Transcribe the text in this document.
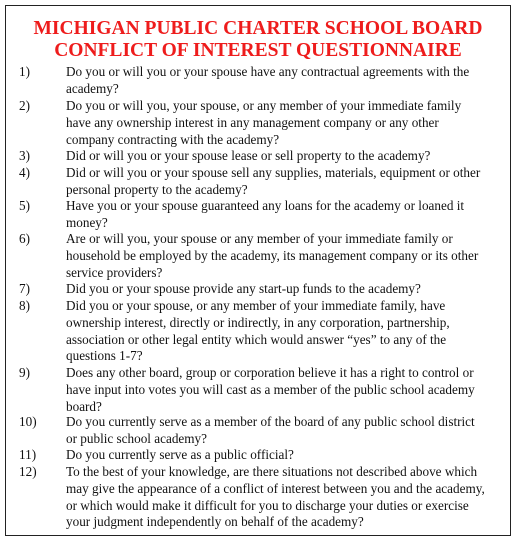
MICHIGAN PUBLIC CHARTER SCHOOL BOARD
CONFLICT OF INTEREST QUESTIONNAIRE
1)	Do you or will you or your spouse have any contractual agreements with the
academy?
2)	Do you or will you, your spouse, or any member of your immediate family
have any ownership interest in any management company or any other
company contracting with the academy?
3)	Did or will you or your spouse lease or sell property to the academy?
4)	Did or will you or your spouse sell any supplies, materials, equipment or other
personal property to the academy?
5)	Have you or your spouse guaranteed any loans for the academy or loaned it
money?
6)	Are or will you, your spouse or any member of your immediate family or
household be employed by the academy, its management company or its other
service providers?
7)	Did you or your spouse provide any start-up funds to the academy?
8)	Did you or your spouse, or any member of your immediate family, have
ownership interest, directly or indirectly, in any corporation, partnership,
association or other legal entity which would answer “yes” to any of the
questions 1-7?
9)	Does any other board, group or corporation believe it has a right to control or
have input into votes you will cast as a member of the public school academy
board?
10) Do you currently serve as a member of the board of any public school district
or public school academy?
11) Do you currently serve as a public official?
12) To the best of your knowledge, are there situations not described above which
may give the appearance of a conflict of interest between you and the academy,
or which would make it difficult for you to discharge your duties or exercise
your judgment independently on behalf of the academy?
